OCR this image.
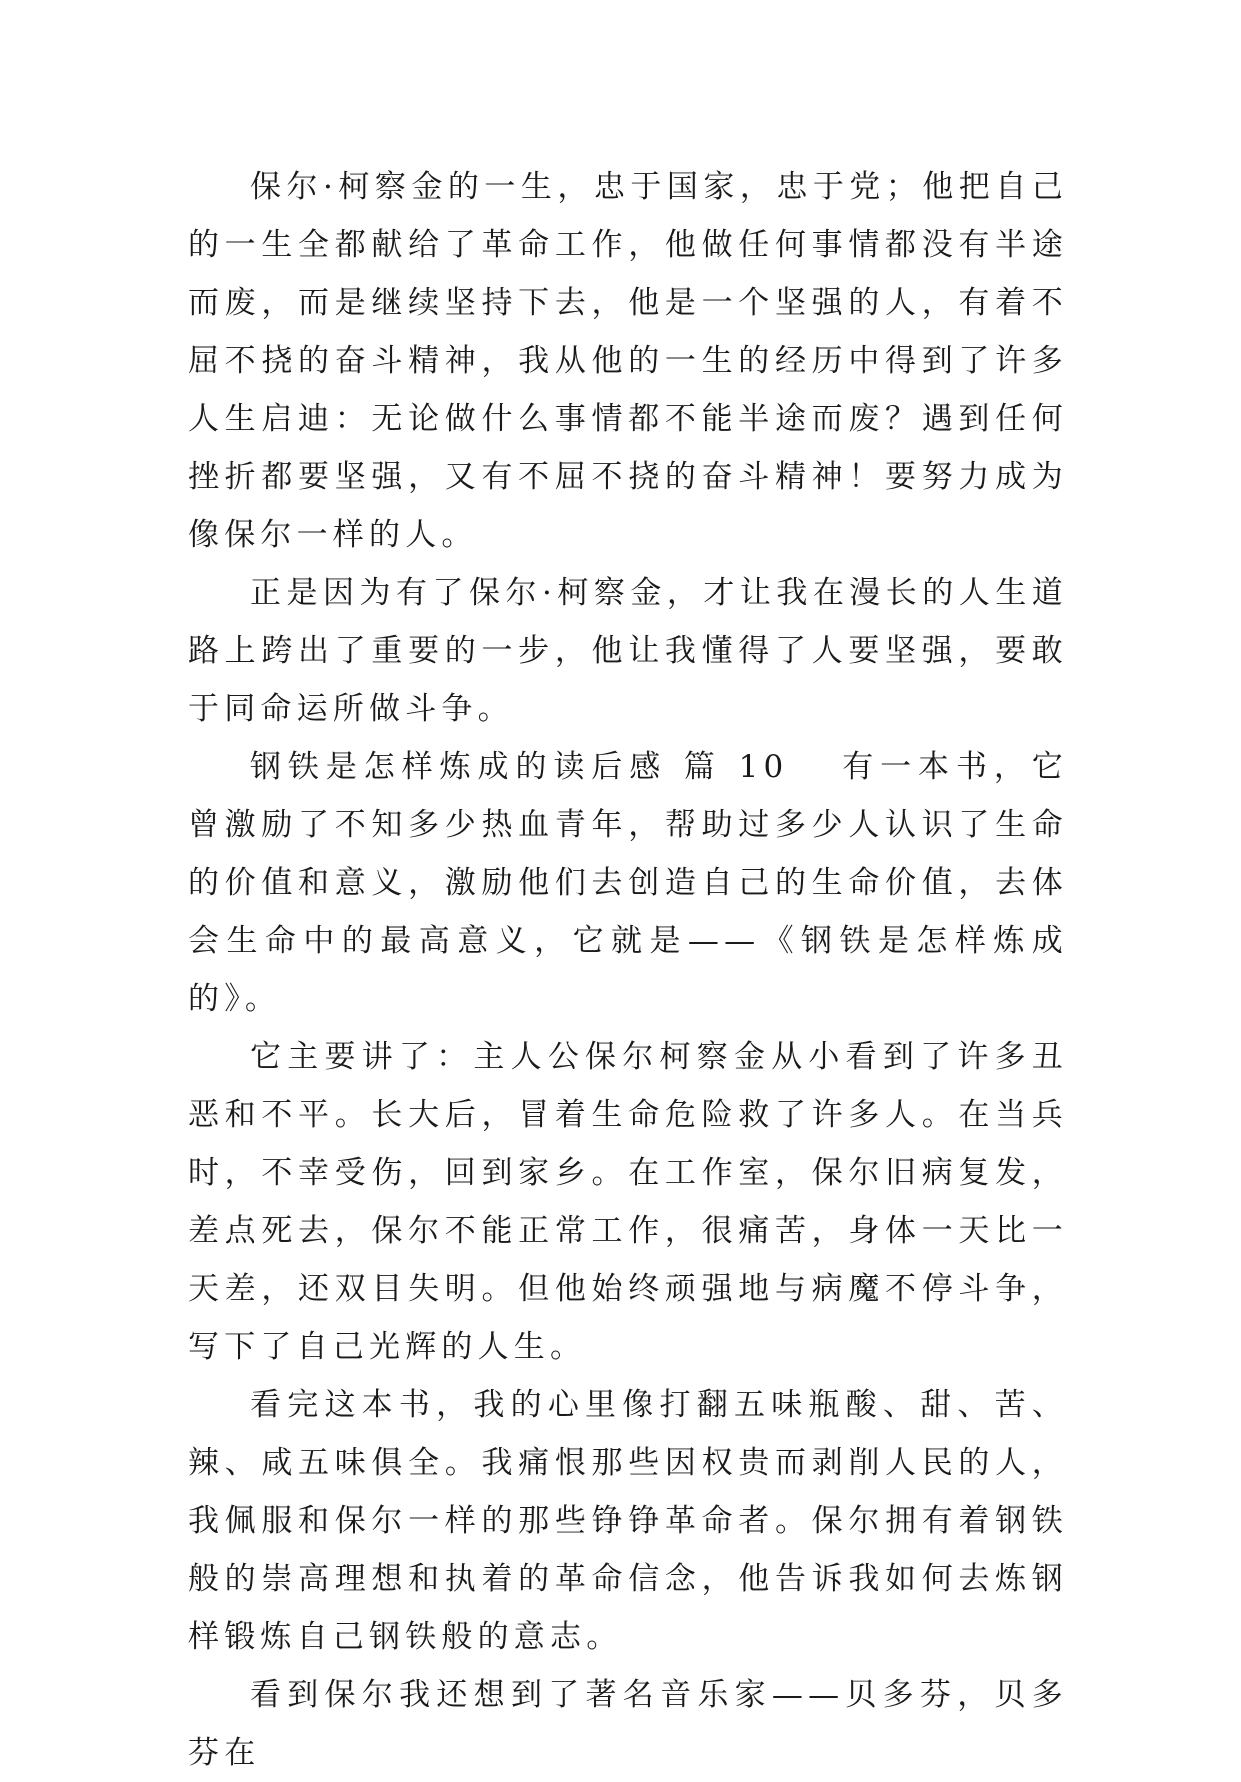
保尔·柯察金的一生，忠于国家，忠于党；他把自己的一生全都献给了革命工作，他做任何事情都没有半途而废，而是继续坚持下去，他是一个坚强的人，有着不屈不挠的奋斗精神，我从他的一生的经历中得到了许多人生启迪：无论做什么事情都不能半途而废？遇到任何挫折都要坚强，又有不屈不挠的奋斗精神！要努力成为像保尔一样的人。

正是因为有了保尔·柯察金，才让我在漫长的人生道路上跨出了重要的一步，他让我懂得了人要坚强，要敢于同命运所做斗争。

钢铁是怎样炼成的读后感 篇 10 有一本书，它曾激励了不知多少热血青年，帮助过多少人认识了生命的价值和意义，激励他们去创造自己的生命价值，去体会生命中的最高意义，它就是——《钢铁是怎样炼成的》。

它主要讲了：主人公保尔柯察金从小看到了许多丑恶和不平。长大后，冒着生命危险救了许多人。在当兵时，不幸受伤，回到家乡。在工作室，保尔旧病复发，差点死去，保尔不能正常工作，很痛苦，身体一天比一天差，还双目失明。但他始终顽强地与病魔不停斗争，写下了自己光辉的人生。

看完这本书，我的心里像打翻五味瓶酸、甜、苦、辣、咸五味俱全。我痛恨那些因权贵而剥削人民的人，我佩服和保尔一样的那些铮铮革命者。保尔拥有着钢铁般的崇高理想和执着的革命信念，他告诉我如何去炼钢样锻炼自己钢铁般的意志。

看到保尔我还想到了著名音乐家——贝多芬，贝多芬在
